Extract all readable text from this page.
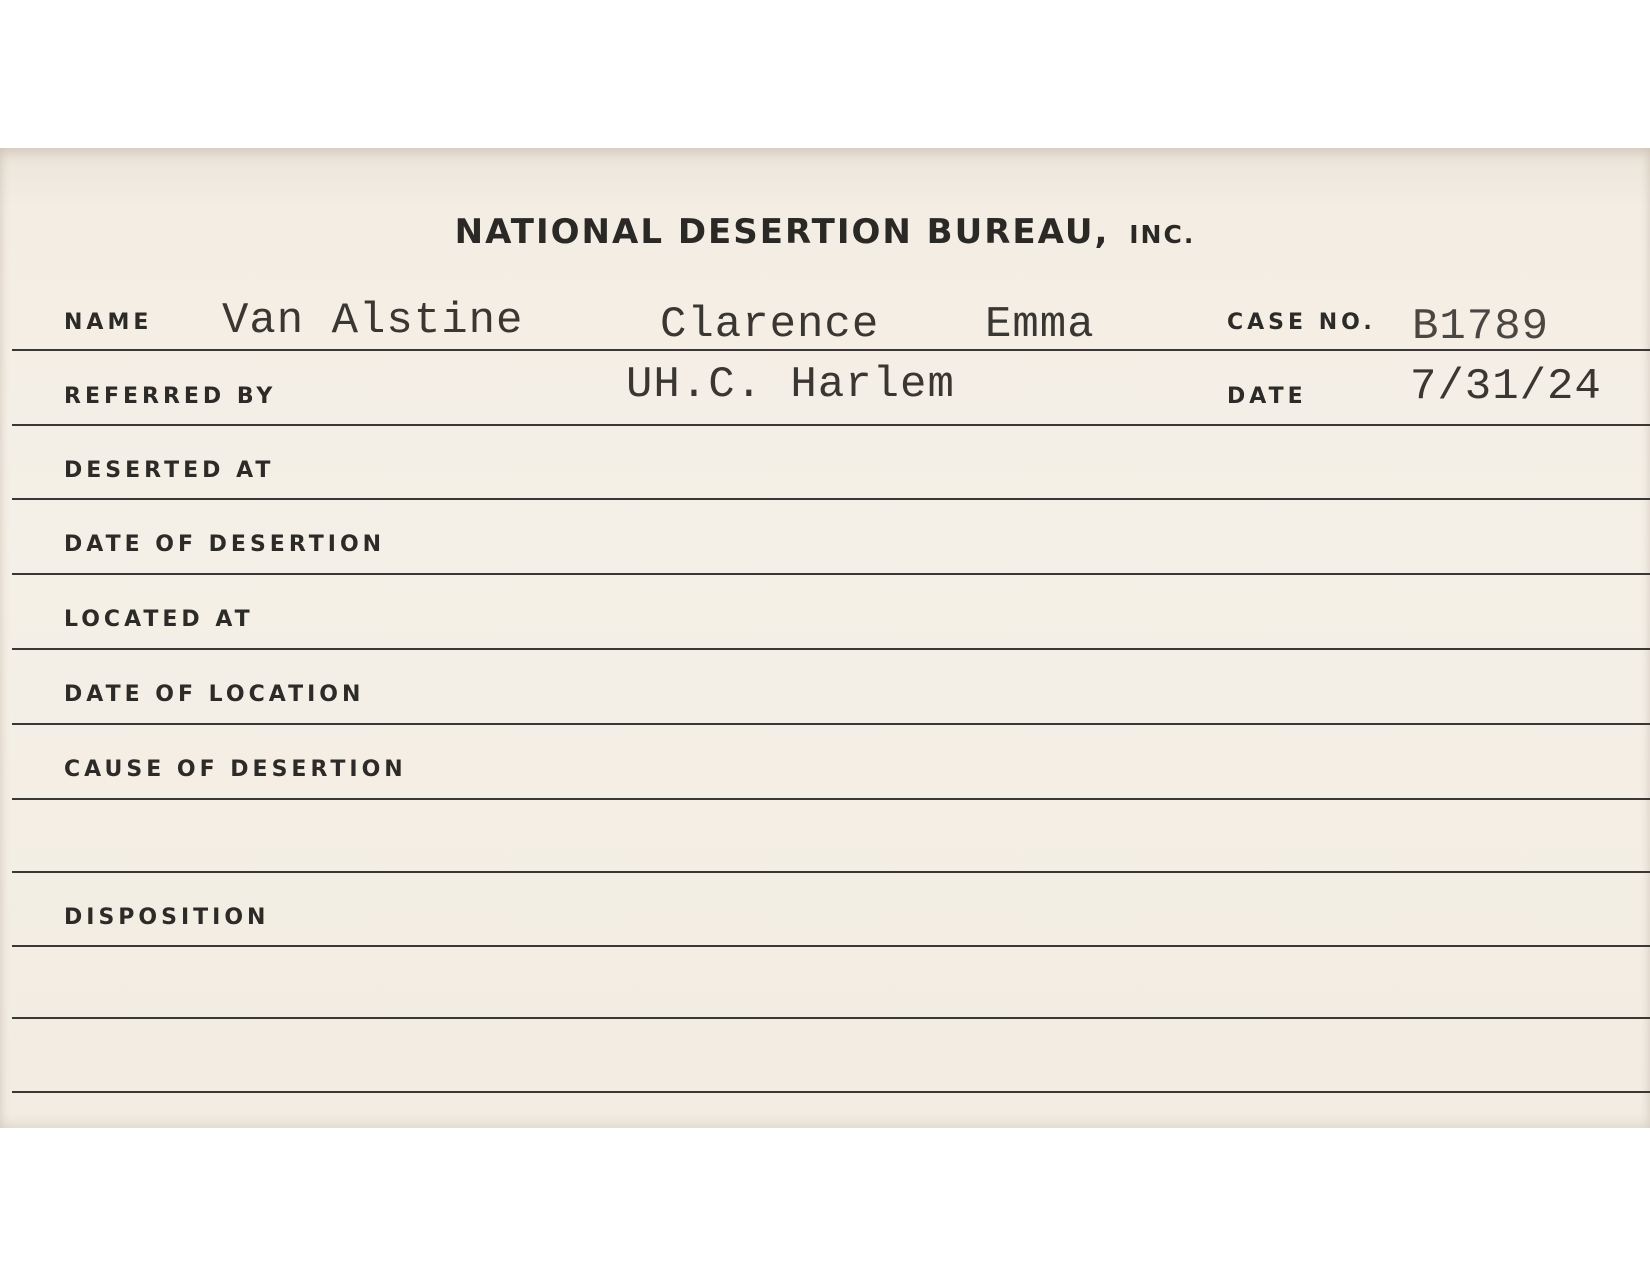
NATIONAL DESERTION BUREAU, INC.
NAME Van Alstine	Clarence Emma	CASE NO. B1789
REFERRED BY	UH.C. Harlem	DATE 7/31/24
DESERTED AT
DATE OF DESERTION
LOCATED AT
DATE OF LOCATION
CAUSE OF DESERTION
DISPOSITION
